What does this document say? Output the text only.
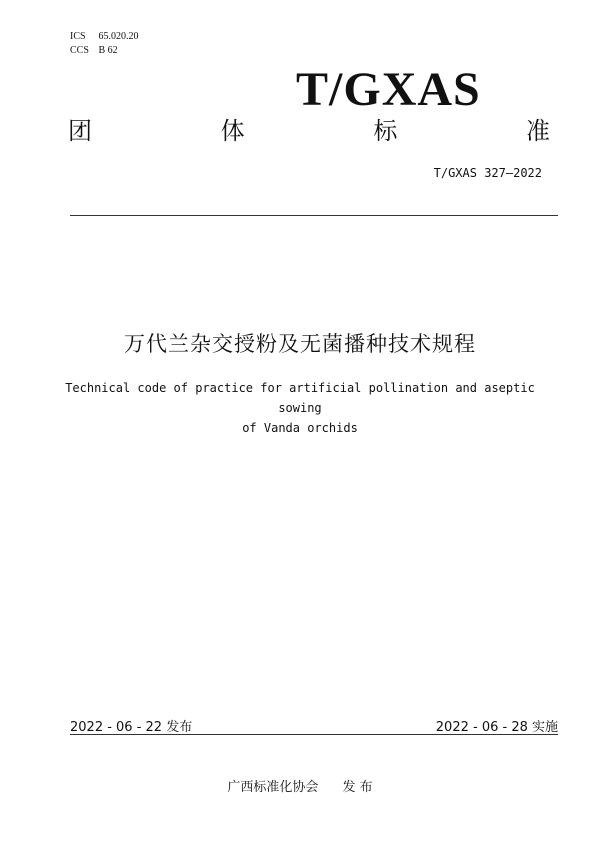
ICS 65.020.20
CCS B 62
T/GXAS
团	体	标	准
T/GXAS 327—2022
万代兰杂交授粉及无菌播种技术规程
Technical code of practice for artificial pollination and aseptic sowing
of Vanda orchids
2022 - 06 - 22 发布	2022 - 06 - 28 实施
广西标准化协会 发 布
